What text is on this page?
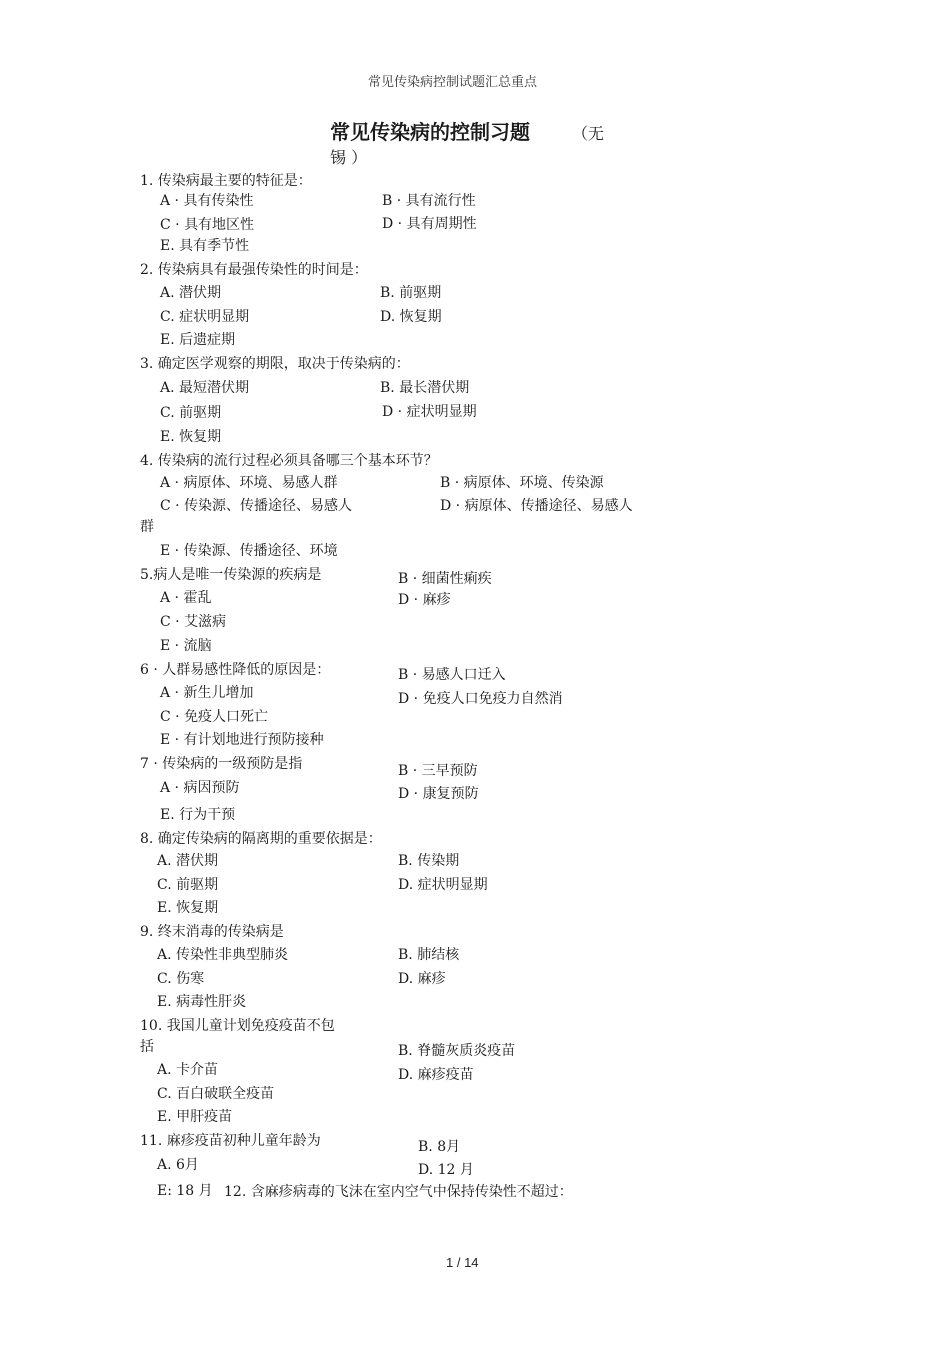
常见传染病控制试题汇总重点
常见传染病的控制习题	（无
锡 ）
1. 传染病最主要的特征是：
A · 具有传染性	B · 具有流行性
C · 具有地区性	D · 具有周期性
E. 具有季节性
2. 传染病具有最强传染性的时间是：
A. 潜伏期	B. 前驱期
C. 症状明显期	D. 恢复期
E. 后遗症期
3. 确定医学观察的期限，取决于传染病的：
A. 最短潜伏期	B. 最长潜伏期
C. 前驱期	D · 症状明显期
E. 恢复期
4. 传染病的流行过程必须具备哪三个基本环节？
A · 病原体、环境、易感人群	B · 病原体、环境、传染源
C · 传染源、传播途径、易感人	D · 病原体、传播途径、易感人
群
E · 传染源、传播途径、环境
5.病人是唯一传染源的疾病是	B · 细菌性痢疾
A · 霍乱	D · 麻疹
C · 艾滋病
E · 流脑
6 · 人群易感性降低的原因是：	B · 易感人口迁入
A · 新生儿增加	D · 免疫人口免疫力自然消
C · 免疫人口死亡
E · 有计划地进行预防接种
7 · 传染病的一级预防是指	B · 三早预防
A · 病因预防	D · 康复预防
E. 行为干预
8. 确定传染病的隔离期的重要依据是：
A. 潜伏期	B. 传染期
C. 前驱期	D. 症状明显期
E. 恢复期
9. 终末消毒的传染病是
A. 传染性非典型肺炎	B. 肺结核
C. 伤寒	D. 麻疹
E. 病毒性肝炎
10. 我国儿童计划免疫疫苗不包
括	B. 脊髓灰质炎疫苗
A. 卡介苗	D. 麻疹疫苗
C. 百白破联全疫苗
E. 甲肝疫苗
11. 麻疹疫苗初种儿童年龄为	B. 8月
A. 6月	D. 12 月
E: 18 月 12. 含麻疹病毒的飞沫在室内空气中保持传染性不超过：
1 / 14
